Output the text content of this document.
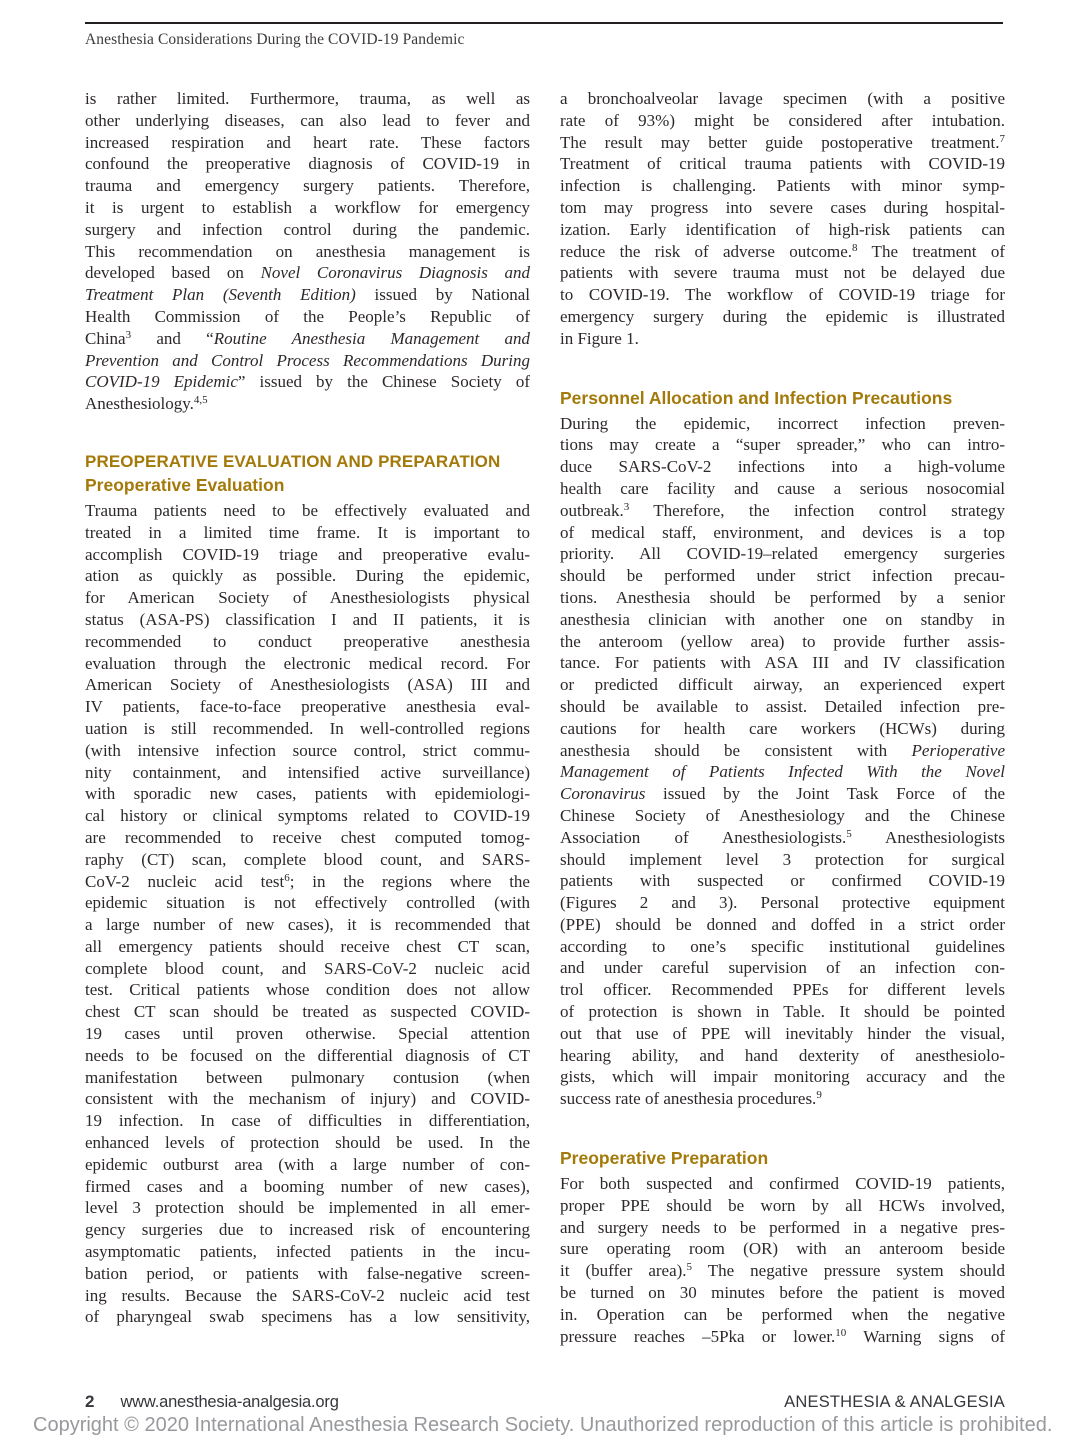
Anesthesia Considerations During the COVID-19 Pandemic
is rather limited. Furthermore, trauma, as well as
other underlying diseases, can also lead to fever and
increased respiration and heart rate. These factors
confound the preoperative diagnosis of COVID-19 in
trauma and emergency surgery patients. Therefore,
it is urgent to establish a workflow for emergency
surgery and infection control during the pandemic.
This recommendation on anesthesia management is
developed based on Novel Coronavirus Diagnosis and
Treatment Plan (Seventh Edition) issued by National
Health Commission of the People’s Republic of
China$^3$ and “Routine Anesthesia Management and
Prevention and Control Process Recommendations During
COVID-19 Epidemic” issued by the Chinese Society of
Anesthesiology.$^{4,5}$
PREOPERATIVE EVALUATION AND PREPARATION
Preoperative Evaluation
Trauma patients need to be effectively evaluated and
treated in a limited time frame. It is important to
accomplish COVID-19 triage and preoperative evalu-
ation as quickly as possible. During the epidemic,
for American Society of Anesthesiologists physical
status (ASA-PS) classification I and II patients, it is
recommended to conduct preoperative anesthesia
evaluation through the electronic medical record. For
American Society of Anesthesiologists (ASA) III and
IV patients, face-to-face preoperative anesthesia eval-
uation is still recommended. In well-controlled regions
(with intensive infection source control, strict commu-
nity containment, and intensified active surveillance)
with sporadic new cases, patients with epidemiologi-
cal history or clinical symptoms related to COVID-19
are recommended to receive chest computed tomog-
raphy (CT) scan, complete blood count, and SARS-
CoV-2 nucleic acid test$^6$; in the regions where the
epidemic situation is not effectively controlled (with
a large number of new cases), it is recommended that
all emergency patients should receive chest CT scan,
complete blood count, and SARS-CoV-2 nucleic acid
test. Critical patients whose condition does not allow
chest CT scan should be treated as suspected COVID-
19 cases until proven otherwise. Special attention
needs to be focused on the differential diagnosis of CT
manifestation between pulmonary contusion (when
consistent with the mechanism of injury) and COVID-
19 infection. In case of difficulties in differentiation,
enhanced levels of protection should be used. In the
epidemic outburst area (with a large number of con-
firmed cases and a booming number of new cases),
level 3 protection should be implemented in all emer-
gency surgeries due to increased risk of encountering
asymptomatic patients, infected patients in the incu-
bation period, or patients with false-negative screen-
ing results. Because the SARS-CoV-2 nucleic acid test
of pharyngeal swab specimens has a low sensitivity,
a bronchoalveolar lavage specimen (with a positive
rate of 93%) might be considered after intubation.
The result may better guide postoperative treatment.$^7$
Treatment of critical trauma patients with COVID-19
infection is challenging. Patients with minor symp-
tom may progress into severe cases during hospital-
ization. Early identification of high-risk patients can
reduce the risk of adverse outcome.$^8$ The treatment of
patients with severe trauma must not be delayed due
to COVID-19. The workflow of COVID-19 triage for
emergency surgery during the epidemic is illustrated
in Figure 1.
Personnel Allocation and Infection Precautions
During the epidemic, incorrect infection preven-
tions may create a “super spreader,” who can intro-
duce SARS-CoV-2 infections into a high-volume
health care facility and cause a serious nosocomial
outbreak.$^3$ Therefore, the infection control strategy
of medical staff, environment, and devices is a top
priority. All COVID-19–related emergency surgeries
should be performed under strict infection precau-
tions. Anesthesia should be performed by a senior
anesthesia clinician with another one on standby in
the anteroom (yellow area) to provide further assis-
tance. For patients with ASA III and IV classification
or predicted difficult airway, an experienced expert
should be available to assist. Detailed infection pre-
cautions for health care workers (HCWs) during
anesthesia should be consistent with Perioperative
Management of Patients Infected With the Novel
Coronavirus issued by the Joint Task Force of the
Chinese Society of Anesthesiology and the Chinese
Association of Anesthesiologists.$^5$ Anesthesiologists
should implement level 3 protection for surgical
patients with suspected or confirmed COVID-19
(Figures 2 and 3). Personal protective equipment
(PPE) should be donned and doffed in a strict order
according to one’s specific institutional guidelines
and under careful supervision of an infection con-
trol officer. Recommended PPEs for different levels
of protection is shown in Table. It should be pointed
out that use of PPE will inevitably hinder the visual,
hearing ability, and hand dexterity of anesthesiolo-
gists, which will impair monitoring accuracy and the
success rate of anesthesia procedures.$^9$
Preoperative Preparation
For both suspected and confirmed COVID-19 patients,
proper PPE should be worn by all HCWs involved,
and surgery needs to be performed in a negative pres-
sure operating room (OR) with an anteroom beside
it (buffer area).$^5$ The negative pressure system should
be turned on 30 minutes before the patient is moved
in. Operation can be performed when the negative
pressure reaches –5Pka or lower.$^{10}$ Warning signs of
2 www.anesthesia-analgesia.org	ANESTHESIA & ANALGESIA
Copyright © 2020 International Anesthesia Research Society. Unauthorized reproduction of this article is prohibited.
